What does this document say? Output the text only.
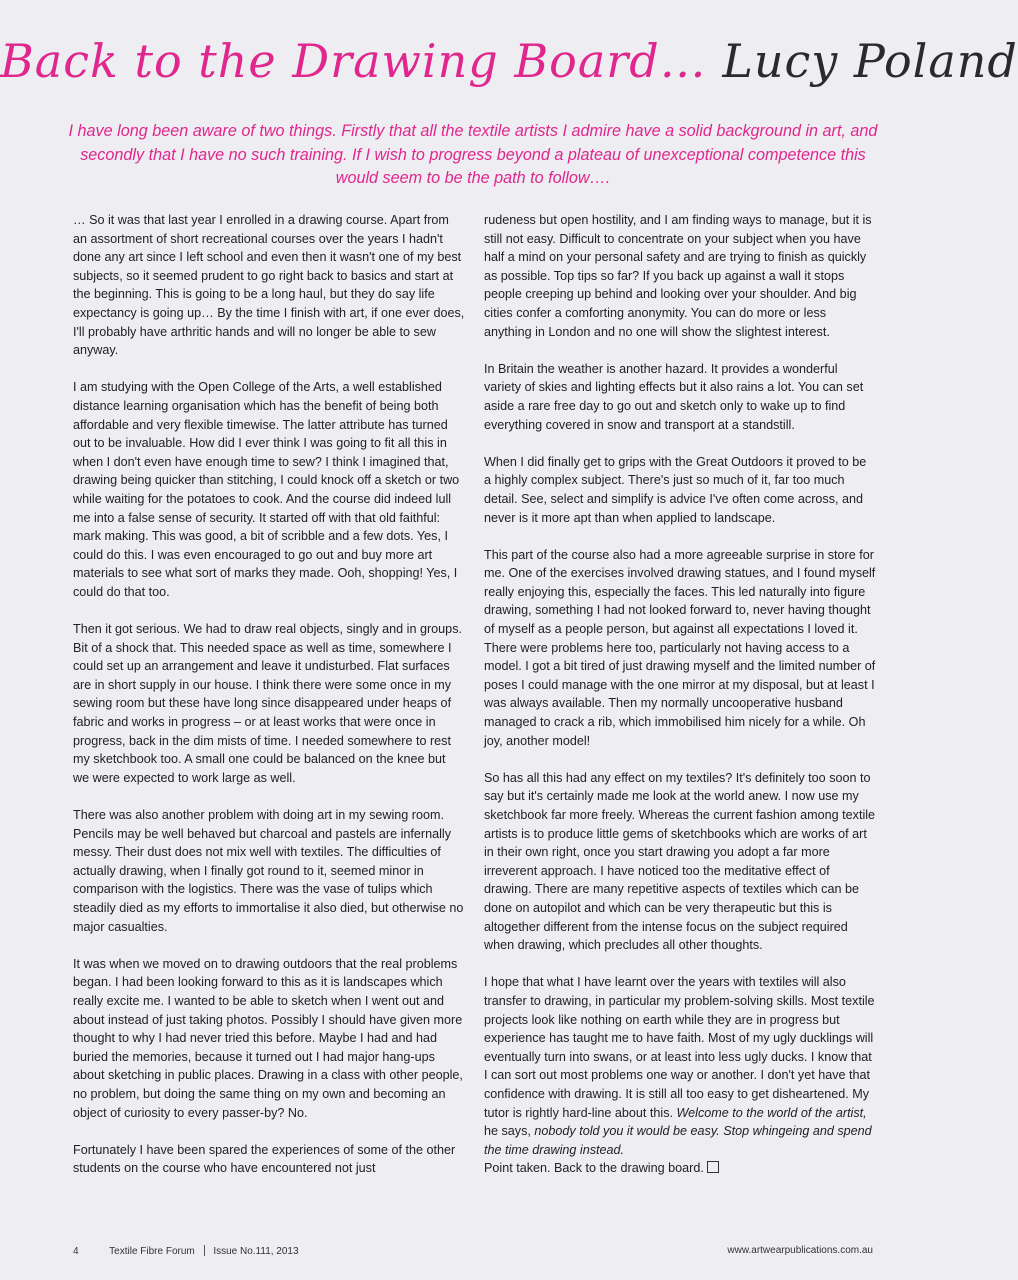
Back to the Drawing Board… Lucy Poland
I have long been aware of two things. Firstly that all the textile artists I admire have a solid background in art, and secondly that I have no such training. If I wish to progress beyond a plateau of unexceptional competence this would seem to be the path to follow….

… So it was that last year I enrolled in a drawing course. Apart from an assortment of short recreational courses over the years I hadn't done any art since I left school and even then it wasn't one of my best subjects, so it seemed prudent to go right back to basics and start at the beginning. This is going to be a long haul, but they do say life expectancy is going up… By the time I finish with art, if one ever does, I'll probably have arthritic hands and will no longer be able to sew anyway.

I am studying with the Open College of the Arts, a well established distance learning organisation which has the benefit of being both affordable and very flexible timewise. The latter attribute has turned out to be invaluable. How did I ever think I was going to fit all this in when I don't even have enough time to sew? I think I imagined that, drawing being quicker than stitching, I could knock off a sketch or two while waiting for the potatoes to cook. And the course did indeed lull me into a false sense of security. It started off with that old faithful: mark making. This was good, a bit of scribble and a few dots. Yes, I could do this. I was even encouraged to go out and buy more art materials to see what sort of marks they made. Ooh, shopping! Yes, I could do that too.

Then it got serious. We had to draw real objects, singly and in groups. Bit of a shock that. This needed space as well as time, somewhere I could set up an arrangement and leave it undisturbed. Flat surfaces are in short supply in our house. I think there were some once in my sewing room but these have long since disappeared under heaps of fabric and works in progress – or at least works that were once in progress, back in the dim mists of time. I needed somewhere to rest my sketchbook too. A small one could be balanced on the knee but we were expected to work large as well.

There was also another problem with doing art in my sewing room. Pencils may be well behaved but charcoal and pastels are infernally messy. Their dust does not mix well with textiles. The difficulties of actually drawing, when I finally got round to it, seemed minor in comparison with the logistics. There was the vase of tulips which steadily died as my efforts to immortalise it also died, but otherwise no major casualties.

It was when we moved on to drawing outdoors that the real problems began. I had been looking forward to this as it is landscapes which really excite me. I wanted to be able to sketch when I went out and about instead of just taking photos. Possibly I should have given more thought to why I had never tried this before. Maybe I had and had buried the memories, because it turned out I had major hang-ups about sketching in public places. Drawing in a class with other people, no problem, but doing the same thing on my own and becoming an object of curiosity to every passer-by? No.

Fortunately I have been spared the experiences of some of the other students on the course who have encountered not just

rudeness but open hostility, and I am finding ways to manage, but it is still not easy. Difficult to concentrate on your subject when you have half a mind on your personal safety and are trying to finish as quickly as possible. Top tips so far? If you back up against a wall it stops people creeping up behind and looking over your shoulder. And big cities confer a comforting anonymity. You can do more or less anything in London and no one will show the slightest interest.

In Britain the weather is another hazard. It provides a wonderful variety of skies and lighting effects but it also rains a lot. You can set aside a rare free day to go out and sketch only to wake up to find everything covered in snow and transport at a standstill.

When I did finally get to grips with the Great Outdoors it proved to be a highly complex subject. There's just so much of it, far too much detail. See, select and simplify is advice I've often come across, and never is it more apt than when applied to landscape.

This part of the course also had a more agreeable surprise in store for me. One of the exercises involved drawing statues, and I found myself really enjoying this, especially the faces. This led naturally into figure drawing, something I had not looked forward to, never having thought of myself as a people person, but against all expectations I loved it. There were problems here too, particularly not having access to a model. I got a bit tired of just drawing myself and the limited number of poses I could manage with the one mirror at my disposal, but at least I was always available. Then my normally uncooperative husband managed to crack a rib, which immobilised him nicely for a while. Oh joy, another model!

So has all this had any effect on my textiles? It's definitely too soon to say but it's certainly made me look at the world anew. I now use my sketchbook far more freely. Whereas the current fashion among textile artists is to produce little gems of sketchbooks which are works of art in their own right, once you start drawing you adopt a far more irreverent approach. I have noticed too the meditative effect of drawing. There are many repetitive aspects of textiles which can be done on autopilot and which can be very therapeutic but this is altogether different from the intense focus on the subject required when drawing, which precludes all other thoughts.

I hope that what I have learnt over the years with textiles will also transfer to drawing, in particular my problem-solving skills. Most textile projects look like nothing on earth while they are in progress but experience has taught me to have faith. Most of my ugly ducklings will eventually turn into swans, or at least into less ugly ducks. I know that I can sort out most problems one way or another. I don't yet have that confidence with drawing. It is still all too easy to get disheartened. My tutor is rightly hard-line about this. Welcome to the world of the artist, he says, nobody told you it would be easy. Stop whingeing and spend the time drawing instead.
Point taken. Back to the drawing board.

4	Textile Fibre Forum Issue No.111, 2013	www.artwearpublications.com.au
